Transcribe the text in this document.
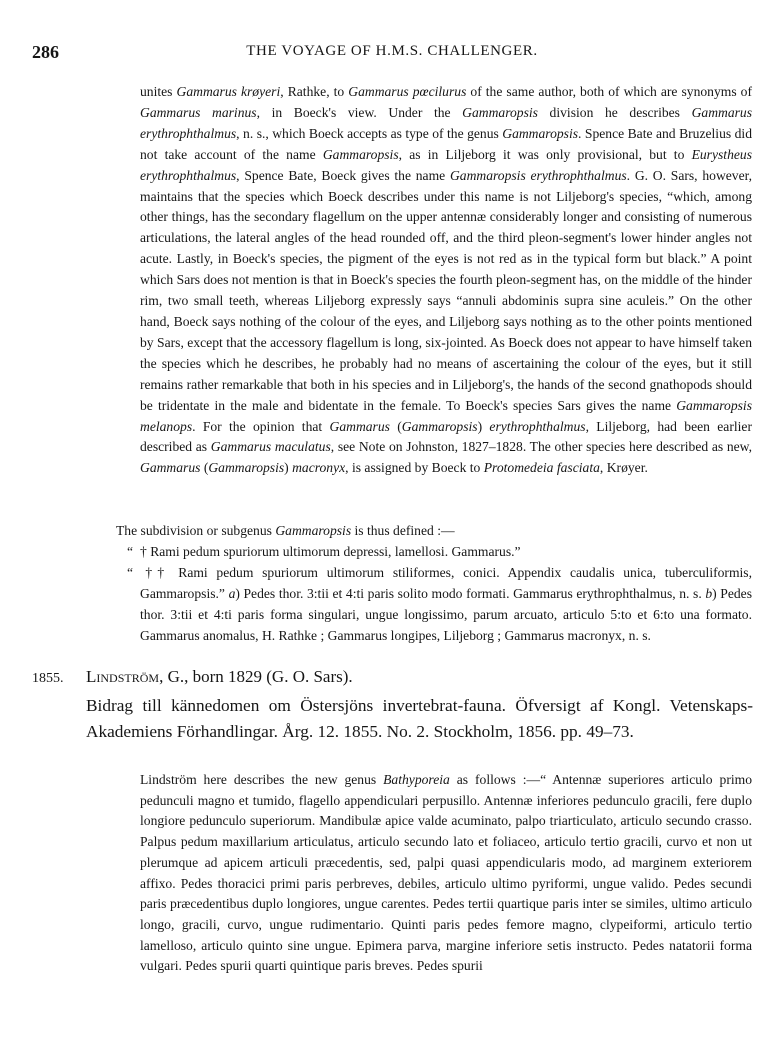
286	THE VOYAGE OF H.M.S. CHALLENGER.

unites Gammarus krøyeri, Rathke, to Gammarus pœcilurus of the same author, both of which are synonyms of Gammarus marinus, in Boeck's view. Under the Gammaropsis division he describes Gammarus erythrophthalmus, n. s., which Boeck accepts as type of the genus Gammaropsis. Spence Bate and Bruzelius did not take account of the name Gammaropsis, as in Liljeborg it was only provisional, but to Eurystheus erythrophthalmus, Spence Bate, Boeck gives the name Gammaropsis erythrophthalmus. G. O. Sars, however, maintains that the species which Boeck describes under this name is not Liljeborg's species, “which, among other things, has the secondary flagellum on the upper antennæ considerably longer and consisting of numerous articulations, the lateral angles of the head rounded off, and the third pleon-segment's lower hinder angles not acute. Lastly, in Boeck's species, the pigment of the eyes is not red as in the typical form but black.” A point which Sars does not mention is that in Boeck's species the fourth pleon-segment has, on the middle of the hinder rim, two small teeth, whereas Liljeborg expressly says “annuli abdominis supra sine aculeis.” On the other hand, Boeck says nothing of the colour of the eyes, and Liljeborg says nothing as to the other points mentioned by Sars, except that the accessory flagellum is long, six-jointed. As Boeck does not appear to have himself taken the species which he describes, he probably had no means of ascertaining the colour of the eyes, but it still remains rather remarkable that both in his species and in Liljeborg's, the hands of the second gnathopods should be tridentate in the male and bidentate in the female. To Boeck's species Sars gives the name Gammaropsis melanops. For the opinion that Gammarus (Gammaropsis) erythrophthalmus, Liljeborg, had been earlier described as Gammarus maculatus, see Note on Johnston, 1827–1828. The other species here described as new, Gammarus (Gammaropsis) macronyx, is assigned by Boeck to Protomedeia fasciata, Krøyer.

The subdivision or subgenus Gammaropsis is thus defined :—

“ † Rami pedum spuriorum ultimorum depressi, lamellosi. Gammarus.”

“ †† Rami pedum spuriorum ultimorum stiliformes, conici. Appendix caudalis unica, tuberculiformis, Gammaropsis.” a) Pedes thor. 3:tii et 4:ti paris solito modo formati. Gammarus erythrophthalmus, n. s. b) Pedes thor. 3:tii et 4:ti paris forma singulari, ungue longissimo, parum arcuato, articulo 5:to et 6:to una formato. Gammarus anomalus, H. Rathke ; Gammarus longipes, Liljeborg ; Gammarus macronyx, n. s.

1855. Lindström, G., born 1829 (G. O. Sars).
Bidrag till kännedomen om Östersjöns invertebrat-fauna. Öfversigt af Kongl. Vetenskaps-Akademiens Förhandlingar. Årg. 12. 1855. No. 2. Stockholm, 1856. pp. 49–73.

Lindström here describes the new genus Bathyporeia as follows :—“ Antennæ superiores articulo primo pedunculi magno et tumido, flagello appendiculari perpusillo. Antennæ inferiores pedunculo gracili, fere duplo longiore pedunculo superiorum. Mandibulæ apice valde acuminato, palpo triarticulato, articulo secundo crasso. Palpus pedum maxillarium articulatus, articulo secundo lato et foliaceo, articulo tertio gracili, curvo et non ut plerumque ad apicem articuli præcedentis, sed, palpi quasi appendicularis modo, ad marginem exteriorem affixo. Pedes thoracici primi paris perbreves, debiles, articulo ultimo pyriformi, ungue valido. Pedes secundi paris præcedentibus duplo longiores, ungue carentes. Pedes tertii quartique paris inter se similes, ultimo articulo longo, gracili, curvo, ungue rudimentario. Quinti paris pedes femore magno, clypeiformi, articulo tertio lamelloso, articulo quinto sine ungue. Epimera parva, margine inferiore setis instructo. Pedes natatorii forma vulgari. Pedes spurii quarti quintique paris breves. Pedes spurii
